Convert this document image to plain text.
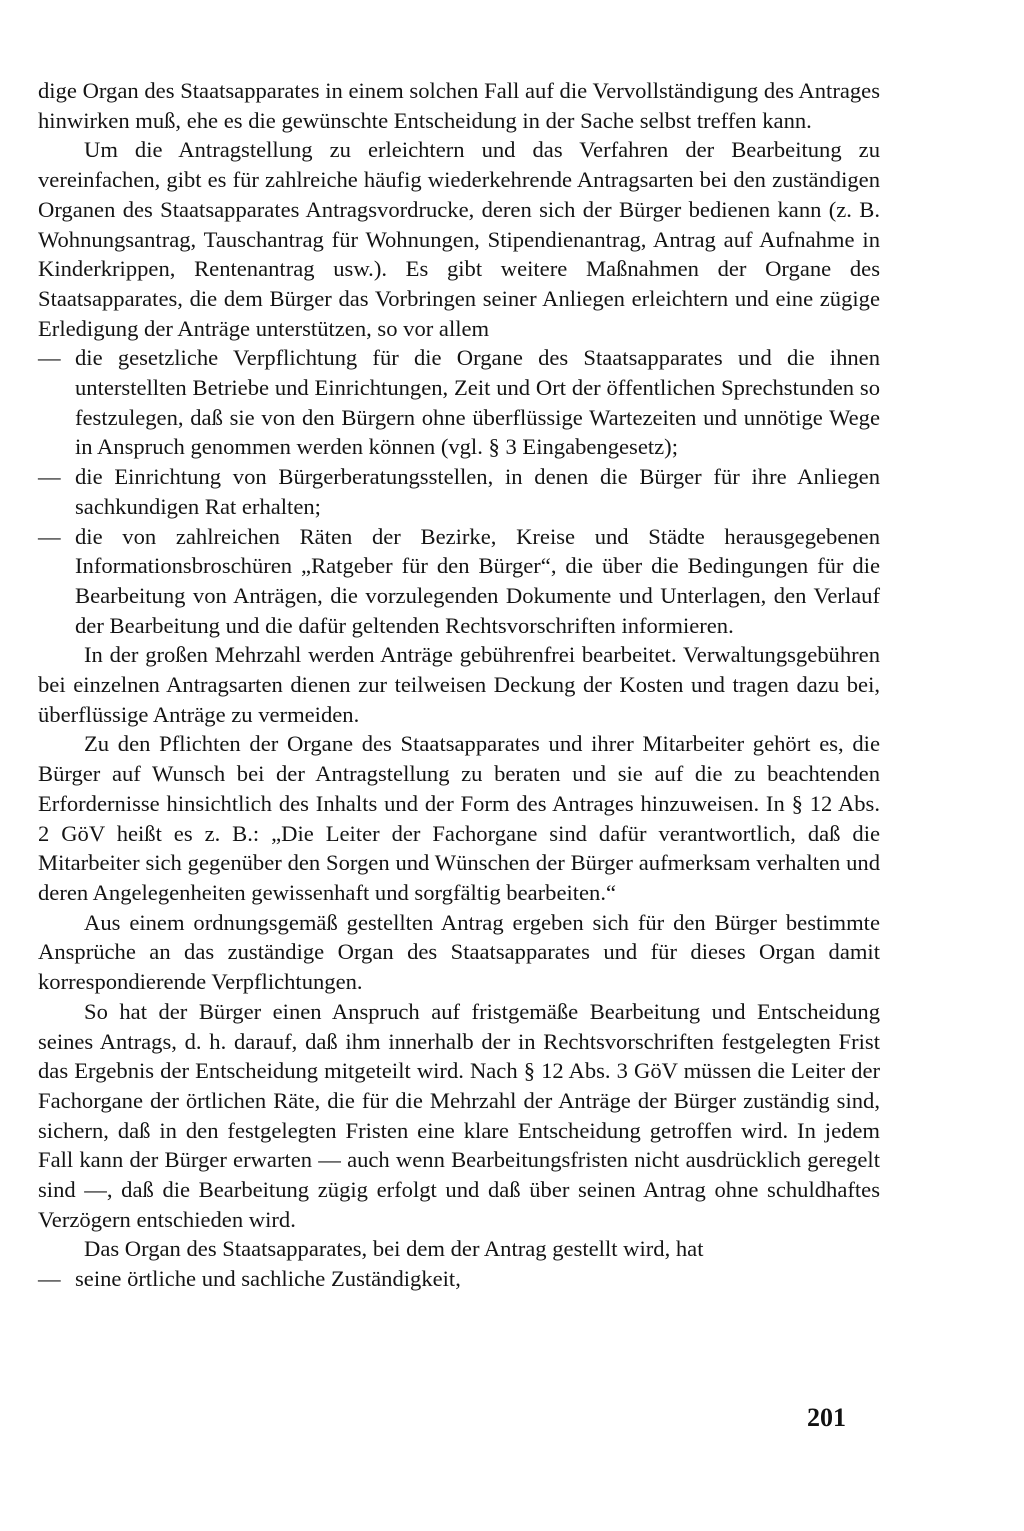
dige Organ des Staatsapparates in einem solchen Fall auf die Vervollständigung des Antrages hinwirken muß, ehe es die gewünschte Entscheidung in der Sache selbst treffen kann.

Um die Antragstellung zu erleichtern und das Verfahren der Bearbeitung zu vereinfachen, gibt es für zahlreiche häufig wiederkehrende Antragsarten bei den zuständigen Organen des Staatsapparates Antragsvordrucke, deren sich der Bürger bedienen kann (z. B. Wohnungsantrag, Tauschantrag für Wohnungen, Stipendienantrag, Antrag auf Aufnahme in Kinderkrippen, Rentenantrag usw.). Es gibt weitere Maßnahmen der Organe des Staatsapparates, die dem Bürger das Vorbringen seiner Anliegen erleichtern und eine zügige Erledigung der Anträge unterstützen, so vor allem

— die gesetzliche Verpflichtung für die Organe des Staatsapparates und die ihnen unterstellten Betriebe und Einrichtungen, Zeit und Ort der öffentlichen Sprechstunden so festzulegen, daß sie von den Bürgern ohne überflüssige Wartezeiten und unnötige Wege in Anspruch genommen werden können (vgl. § 3 Eingabengesetz);
— die Einrichtung von Bürgerberatungsstellen, in denen die Bürger für ihre Anliegen sachkundigen Rat erhalten;
— die von zahlreichen Räten der Bezirke, Kreise und Städte herausgegebenen Informationsbroschüren „Ratgeber für den Bürger“, die über die Bedingungen für die Bearbeitung von Anträgen, die vorzulegenden Dokumente und Unterlagen, den Verlauf der Bearbeitung und die dafür geltenden Rechtsvorschriften informieren.

In der großen Mehrzahl werden Anträge gebührenfrei bearbeitet. Verwaltungsgebühren bei einzelnen Antragsarten dienen zur teilweisen Deckung der Kosten und tragen dazu bei, überflüssige Anträge zu vermeiden.

Zu den Pflichten der Organe des Staatsapparates und ihrer Mitarbeiter gehört es, die Bürger auf Wunsch bei der Antragstellung zu beraten und sie auf die zu beachtenden Erfordernisse hinsichtlich des Inhalts und der Form des Antrages hinzuweisen. In § 12 Abs. 2 GöV heißt es z. B.: „Die Leiter der Fachorgane sind dafür verantwortlich, daß die Mitarbeiter sich gegenüber den Sorgen und Wünschen der Bürger aufmerksam verhalten und deren Angelegenheiten gewissenhaft und sorgfältig bearbeiten.“

Aus einem ordnungsgemäß gestellten Antrag ergeben sich für den Bürger bestimmte Ansprüche an das zuständige Organ des Staatsapparates und für dieses Organ damit korrespondierende Verpflichtungen.

So hat der Bürger einen Anspruch auf fristgemäße Bearbeitung und Entscheidung seines Antrags, d. h. darauf, daß ihm innerhalb der in Rechtsvorschriften festgelegten Frist das Ergebnis der Entscheidung mitgeteilt wird. Nach § 12 Abs. 3 GöV müssen die Leiter der Fachorgane der örtlichen Räte, die für die Mehrzahl der Anträge der Bürger zuständig sind, sichern, daß in den festgelegten Fristen eine klare Entscheidung getroffen wird. In jedem Fall kann der Bürger erwarten — auch wenn Bearbeitungsfristen nicht ausdrücklich geregelt sind —, daß die Bearbeitung zügig erfolgt und daß über seinen Antrag ohne schuldhaftes Verzögern entschieden wird.

Das Organ des Staatsapparates, bei dem der Antrag gestellt wird, hat

— seine örtliche und sachliche Zuständigkeit,
201
